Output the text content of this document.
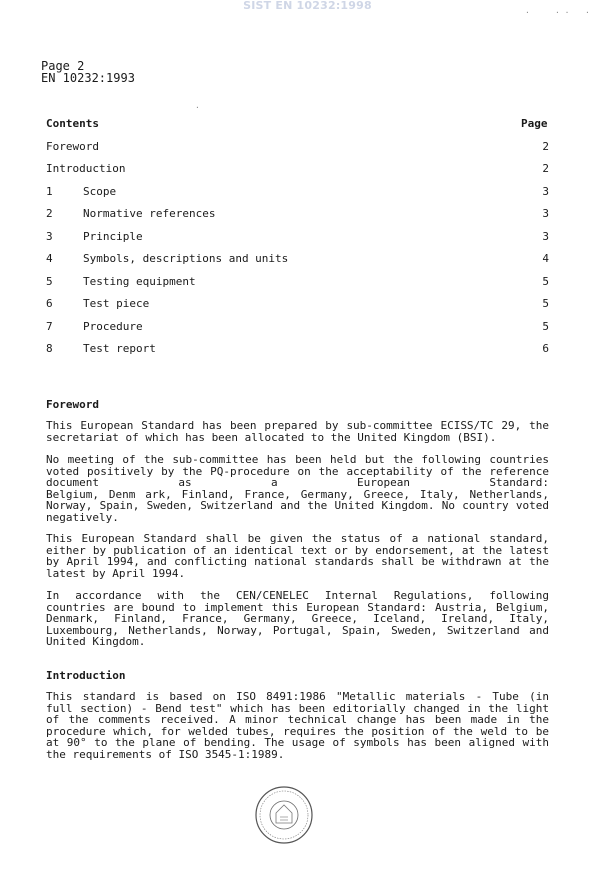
SIST EN 10232:1998
Page 2
EN 10232:1993
Contents	Page
Foreword	2
Introduction	2
1	Scope	3
2	Normative references	3
3	Principle	3
4	Symbols, descriptions and units	4
5	Testing equipment	5
6	Test piece	5
7	Procedure	5
8	Test report	6
Foreword
This European Standard has been prepared by sub-committee ECISS/TC 29, the
secretariat of which has been allocated to the United Kingdom (BSI).
No meeting of the sub-committee has been held but the following countries
voted positively by the PQ-procedure on the acceptability of the reference
document as a European Standard:
Belgium, Denm ark, Finland, France, Germany, Greece, Italy, Netherlands,
Norway, Spain, Sweden, Switzerland and the United Kingdom. No country voted
negatively.
This European Standard shall be given the status of a national standard,
either by publication of an identical text or by endorsement, at the latest
by April 1994, and conflicting national standards shall be withdrawn at the
latest by April 1994.
In accordance with the CEN/CENELEC Internal Regulations, following
countries are bound to implement this European Standard: Austria, Belgium,
Denmark, Finland, France, Germany, Greece, Iceland, Ireland, Italy,
Luxembourg, Netherlands, Norway, Portugal, Spain, Sweden, Switzerland and
United Kingdom.
Introduction
This standard is based on ISO 8491:1986 "Metallic materials - Tube (in
full section) - Bend test" which has been editorially changed in the light
of the comments received. A minor technical change has been made in the
procedure which, for welded tubes, requires the position of the weld to be
at 90° to the plane of bending. The usage of symbols has been aligned with
the requirements of ISO 3545-1:1989.
·	· · ·
·
